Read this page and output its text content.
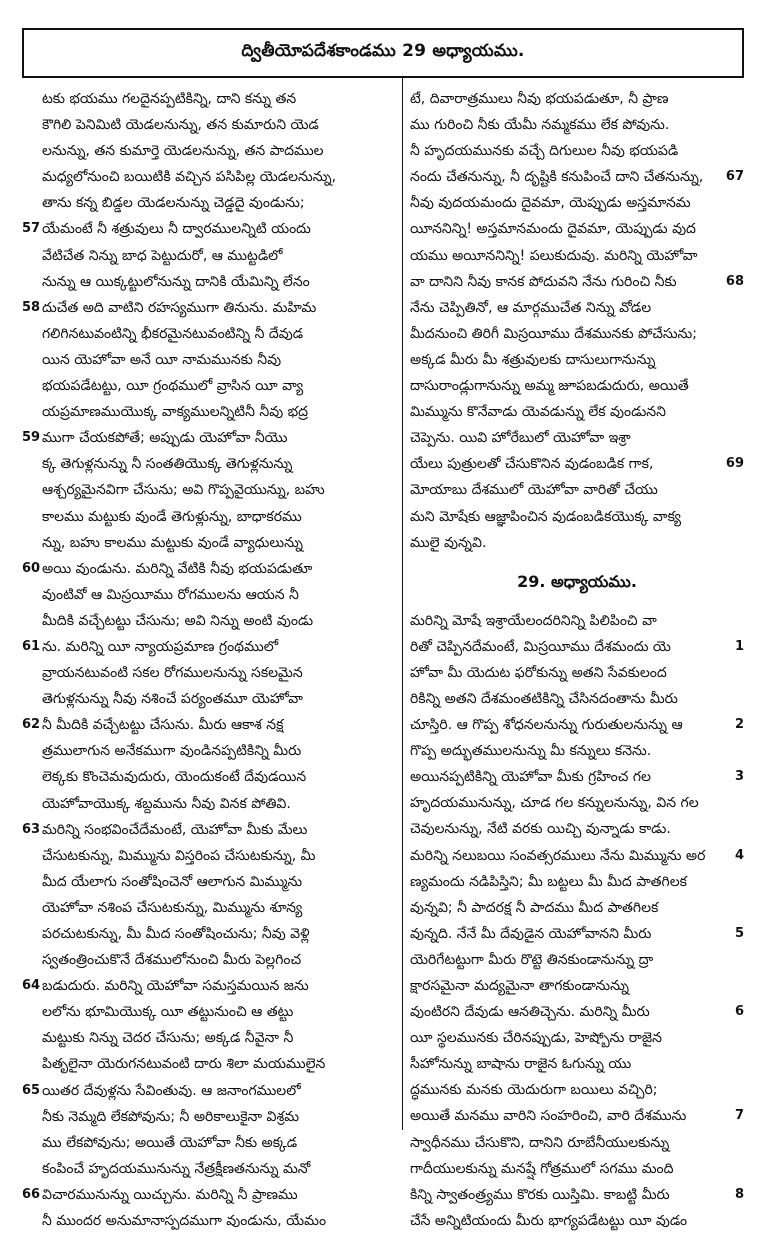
ద్వితీయోపదేశకాండము 29 అధ్యాయము.
టకు భయము గలదైనప్పటికిన్ని, దాని కన్ను తన
కౌగిలి పెనిమిటి యెడలనున్ను, తన కుమారుని యెడ
లనున్ను, తన కుమార్తె యెడలనున్ను, తన పాదముల
మధ్యలోనుంచి బయిటికి వచ్చిన పసిపిల్ల యెడలనున్ను,
తాను కన్న బిడ్డల యెడలనున్ను చెడ్డదై వుండును;
57 యేమంటే నీ శత్రువులు నీ ద్వారములన్నిటి యందు
వేటిచేత నిన్ను బాధ పెట్టుదురో, ఆ ముట్టడిలో
నున్ను ఆ యిక్కట్టులోనున్ను దానికి యేమిన్ని లేనం
58 దుచేత అది వాటిని రహస్యముగా తినును. మహిమ
గలిగినటువంటిన్ని భీకరమైనటువంటిన్ని నీ దేవుడ
యిన యెహోవా అనే యీ నామమునకు నీవు
భయపడేటట్టు, యీ గ్రంథములో వ్రాసిన యీ వ్యా
యప్రమాణముయొక్క వాక్యములన్నిటినీ నీవు భద్ర
59 ముగా చేయకపోతే; అప్పుడు యెహోవా నీయొ
క్క తెగుళ్లనున్ను నీ సంతతియొక్క తెగుళ్లనున్ను
ఆశ్చర్యమైనవిగా చేసును; అవి గొప్పవైయున్ను, బహు
కాలము మట్టుకు వుండే తెగుళ్లున్ను, బాధాకరము
న్ను, బహు కాలము మట్టుకు వుండే వ్యాధులున్ను
60 అయి వుండును. మరిన్ని వేటికి నీవు భయపడుతూ
వుంటివో ఆ మిస్రయీము రోగములను ఆయన నీ
మీదికి వచ్చేటట్టు చేసును; అవి నిన్ను అంటి వుండు
61 ను. మరిన్ని యీ న్యాయప్రమాణ గ్రంథములో
వ్రాయనటువంటి సకల రోగములనున్ను సకలమైన
తెగుళ్లనున్ను నీవు నశించే పర్యంతమూ యెహోవా
62 నీ మీదికి వచ్చేటట్టు చేసును. మీరు ఆకాశ నక్ష
త్రములాగున అనేకముగా వుండినప్పటికిన్ని మీరు
లెక్కకు కొంచెమవుదురు, యెందుకంటే దేవుడయిన
యెహోవాయొక్క శబ్దమును నీవు వినక పోతివి.
63 మరిన్ని సంభవించేదేమంటే, యెహోవా మీకు మేలు
చేసుటకున్ను, మిమ్మును విస్తరింప చేసుటకున్ను, మీ
మీద యేలాగు సంతోషించెనో ఆలాగున మిమ్మును
యెహోవా నశింప చేసుటకున్ను, మిమ్మును శూన్య
పరచుటకున్ను, మీ మీద సంతోషించును; నీవు వెళ్లి
స్వతంత్రించుకొనే దేశములోనుంచి మీరు పెల్లగించ
64 బడుదురు. మరిన్ని యెహోవా సమస్తమయిన జను
లలోను భూమియొక్క యీ తట్టునుంచి ఆ తట్టు
మట్టుకు నిన్ను చెదర చేసును; అక్కడ నీవైనా నీ
పితృలైనా యెరుగనటువంటి దారు శిలా మయములైన
65 యితర దేవుళ్లను సేవింతువు. ఆ జనాంగములలో
నీకు నెమ్మది లేకపోవును; నీ అరికాలుకైనా విశ్రమ
ము లేకపోవును; అయితే యెహోవా నీకు అక్కడ
కంపించే హృదయమునున్ను నేత్రక్షీణతనున్ను మనో
66 విచారమునున్ను యిచ్చును. మరిన్ని నీ ప్రాణము
నీ ముందర అనుమానాస్పదముగా వుండును, యేమం
టే, దివారాత్రములు నీవు భయపడుతూ, నీ ప్రాణ
ము గురించి నీకు యేమీ నమ్మకము లేక పోవును.
నీ హృదయమునకు వచ్చే దిగులుల నీవు భయపడి
67
నందు చేతనున్ను, నీ దృష్టికి కనుపించే దాని చేతనున్ను,
నీవు వుదయమందు దైవమా, యెప్పుడు అస్తమానమ
యీననిన్ని! అస్తమానమందు దైవమా, యెప్పుడు వుద
యము అయీననిన్ని! పలుకుదువు. మరిన్ని యెహోవా
68
వా దానిని నీవు కానక పోదువని నేను గురించి నీకు
నేను చెప్పితినో, ఆ మార్గముచేత నిన్ను వోడల
మీదనుంచి తిరిగీ మిస్రయీము దేశమునకు పోచేసును;
అక్కడ మీరు మీ శత్రువులకు దాసులుగానున్ను
దాసురాండ్లుగానున్ను అమ్మ జూపబడుదురు, అయితే
మిమ్మును కొనేవాడు యెవడున్ను లేక వుండునని
చెప్పెను. యివి హోరేబులో యెహోవా ఇశ్రా
69
యేలు పుత్రులతో చేసుకొనిన వుడంబడిక గాక,
మోయాబు దేశములో యెహోవా వారితో చేయు
మని మోషేకు ఆజ్ఞాపించిన వుడంబడికయొక్క వాక్య
ములై వున్నవి.
29. అధ్యాయము.
మరిన్ని మోషే ఇశ్రాయేలందరినిన్ని పిలిపించి వా
1
రితో చెప్పినదేమంటే, మిస్రయీము దేశమందు యె
హోవా మీ యెదుట ఫరోకున్ను అతని సేవకులంద
రికిన్ని అతని దేశమంతటికిన్ని చేసినదంతాను మీరు
2
చూస్తిరి. ఆ గొప్ప శోధనలనున్ను గురుతులనున్ను ఆ
గొప్ప అద్భుతములనున్ను మీ కన్నులు కనెను.
3
అయినప్పటికిన్ని యెహోవా మీకు గ్రహించ గల
హృదయమునున్ను, చూడ గల కన్నులనున్ను, విన గల
చెవులనున్ను, నేటి వరకు యిచ్చి వున్నాడు కాడు.
4
మరిన్ని నలుబయి సంవత్సరములు నేను మిమ్మును అర
ణ్యమందు నడిపిస్తిని; మీ బట్టలు మీ మీద పాతగిలక
వున్నవి; నీ పాదరక్ష నీ పాదము మీద పాతగిలక
5
వున్నది. నేనే మీ దేవుడైన యెహోవానని మీరు
యెరిగేటట్టుగా మీరు రొట్టె తినకుండానున్ను ద్రా
క్షారసమైనా మద్యమైనా తాగకుండానున్ను
6
వుంటిరని దేవుడు ఆనతిచ్చెను. మరిన్ని మీరు
యీ స్థలమునకు చేరినప్పుడు, హెష్బోను రాజైన
సీహోనున్ను బాషాను రాజైన ఓగున్ను యు
ద్ధమునకు మనకు యెదురుగా బయిలు వచ్చిరి;
7
అయితే మనము వారిని సంహరించి, వారి దేశమును
స్వాధీనము చేసుకొని, దానిని రూబేనీయులకున్ను
గాదీయులకున్ను మనష్షే గోత్రములో సగము మంది
8
కిన్ని స్వాతంత్ర్యము కొరకు యిస్తిమి. కాబట్టి మీరు
చేసే అన్నిటియందు మీరు భాగ్యపడేటట్టు యీ వుడం
